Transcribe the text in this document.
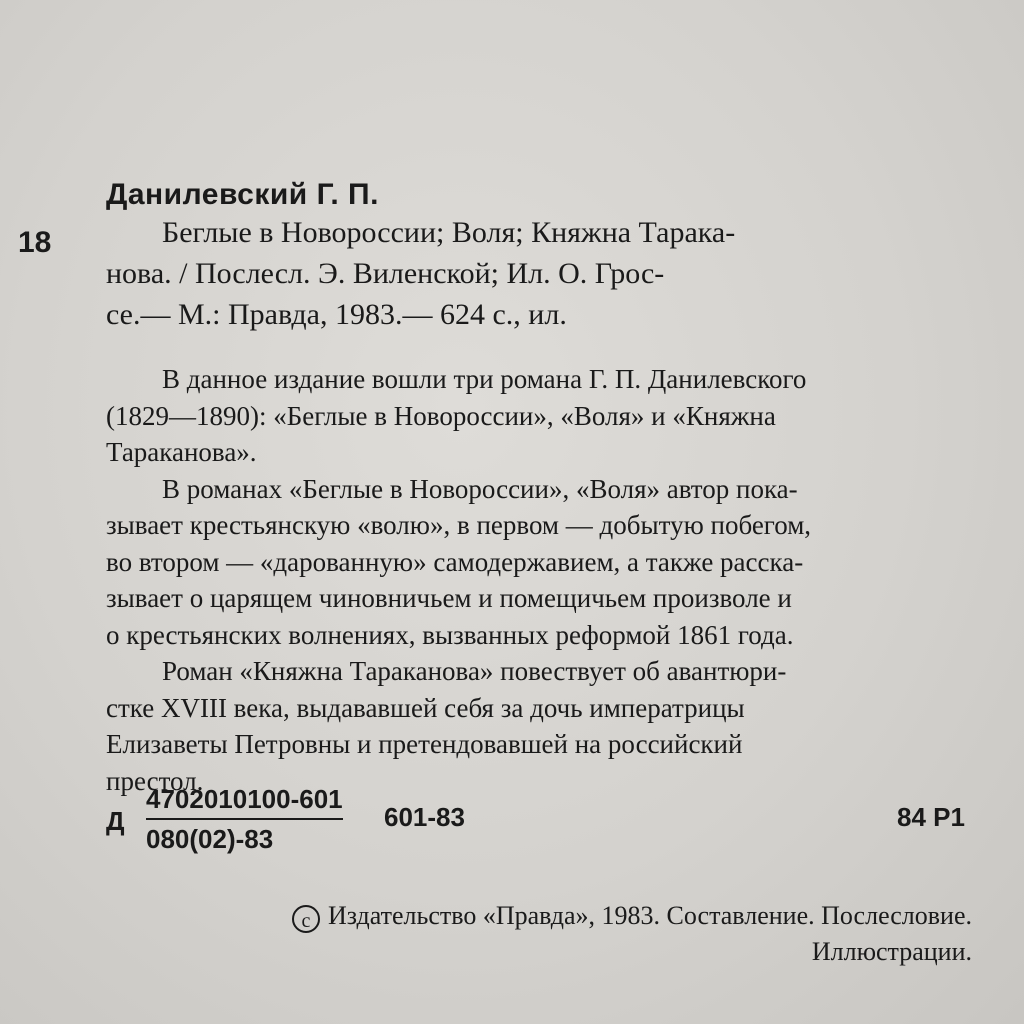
Данилевский Г. П.
18	Беглые в Новороссии; Воля; Княжна Тарака-
нова. / Послесл. Э. Виленской; Ил. О. Грос-
се.— М.: Правда, 1983.— 624 с., ил.
В данное издание вошли три романа Г. П. Данилевского
(1829—1890): «Беглые в Новороссии», «Воля» и «Княжна
Тараканова».
В романах «Беглые в Новороссии», «Воля» автор пока-
зывает крестьянскую «волю», в первом — добытую побегом,
во втором — «дарованную» самодержавием, а также расска-
зывает о царящем чиновничьем и помещичьем произволе и
о крестьянских волнениях, вызванных реформой 1861 года.
Роман «Княжна Тараканова» повествует об авантюри-
стке XVIII века, выдававшей себя за дочь императрицы
Елизаветы Петровны и претендовавшей на российский
престол.
Д $\frac{4702010100-601}{080(02)-83} 601-83$	84 Р1
c Издательство «Правда», 1983. Составление. Послесловие.
Иллюстрации.
